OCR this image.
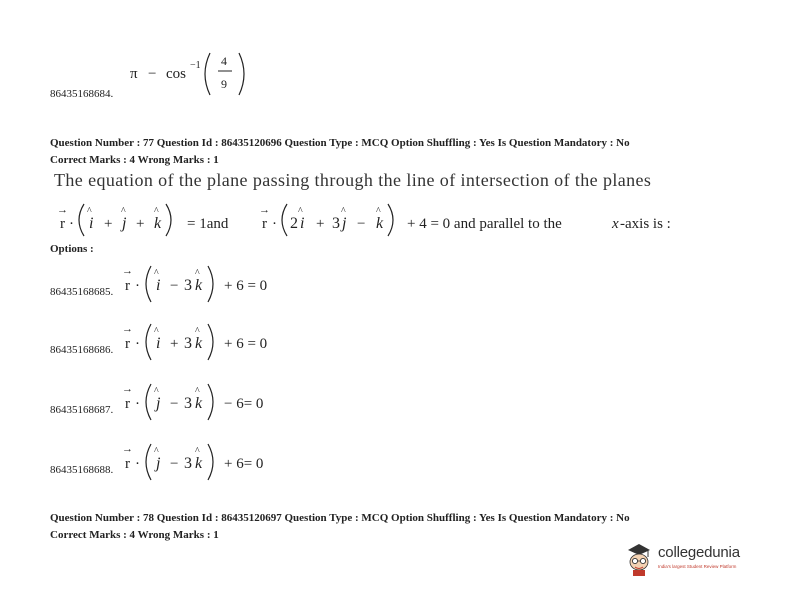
π − cos
−1 4
9
86435168684.
Question Number : 77 Question Id : 86435120696 Question Type : MCQ Option Shuffling : Yes Is Question Mandatory : No
Correct Marks : 4 Wrong Marks : 1
The equation of the plane passing through the line of intersection of the planes
r
→
· i
^
+ j
^
+ k
^
= 1and r
→
· 2 i
^
+ 3 j
^
− k
^
+ 4 = 0 and parallel to the	x -axis is :
Options :
86435168685.
→
r ·
^
i − 3
^
k + 6 = 0
86435168686.
→
r ·
^
i + 3
^
k + 6 = 0
86435168687.
→
r ·
^
j − 3
^
k − 6= 0
86435168688.
→
r ·
^
j − 3
^
k + 6= 0
Question Number : 78 Question Id : 86435120697 Question Type : MCQ Option Shuffling : Yes Is Question Mandatory : No
Correct Marks : 4 Wrong Marks : 1
collegedunia
India's largest Student Review Platform
